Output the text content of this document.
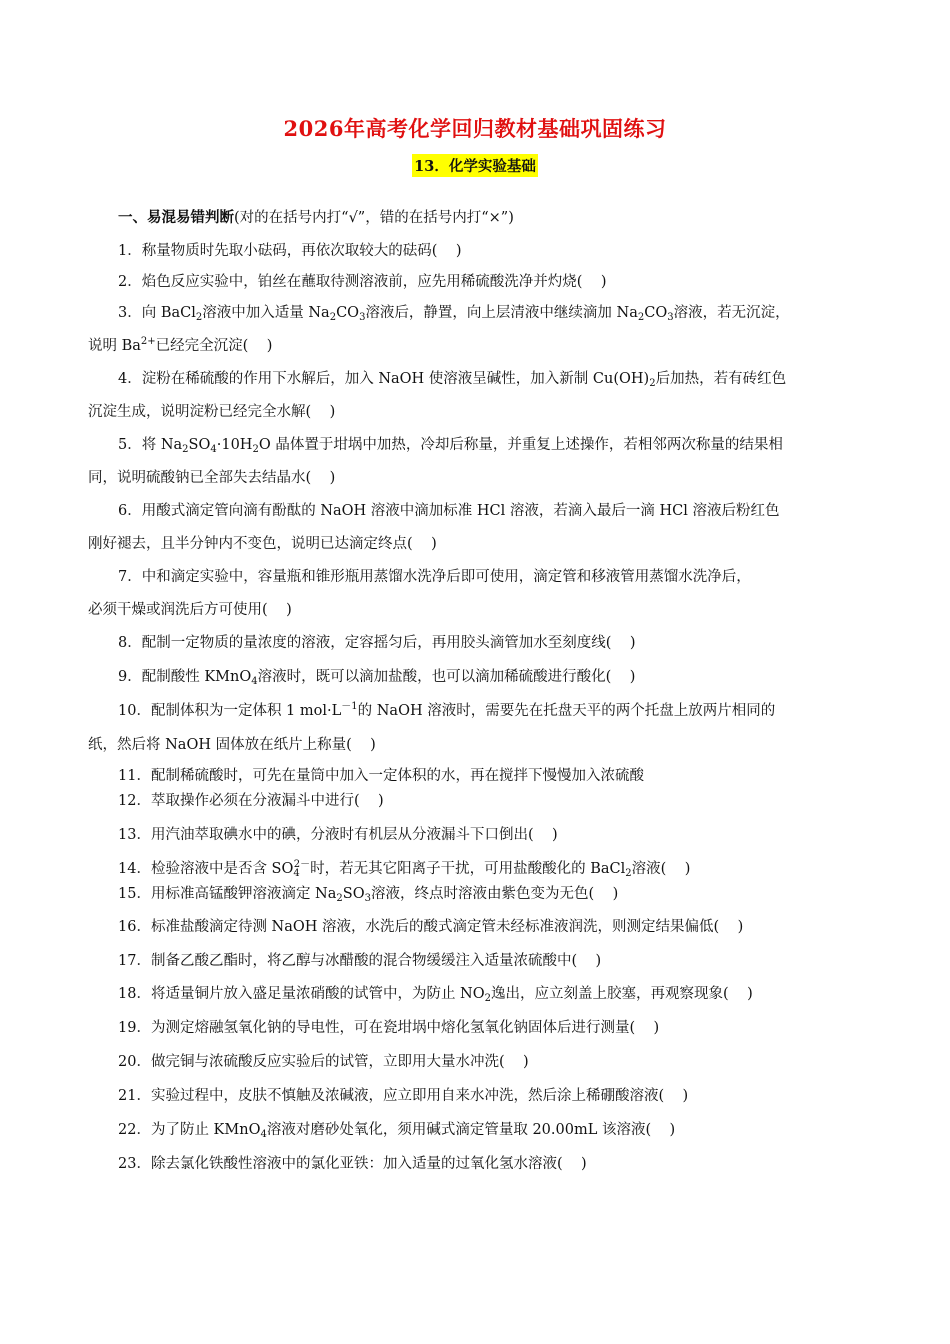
2026年高考化学回归教材基础巩固练习
13．化学实验基础
一、易混易错判断(对的在括号内打“√”，错的在括号内打“×”)
1．称量物质时先取小砝码，再依次取较大的砝码(    )
2．焰色反应实验中，铂丝在蘸取待测溶液前，应先用稀硫酸洗净并灼烧(    )
3．向 BaCl$_2$溶液中加入适量 $Na_2CO_3$溶液后，静置，向上层清液中继续滴加 $Na_2CO_3$溶液，若无沉淀，
说明 $Ba^{2+}$已经完全沉淀(    )
4．淀粉在稀硫酸的作用下水解后，加入 NaOH 使溶液呈碱性，加入新制 $Cu(OH)_2$后加热，若有砖红色
沉淀生成，说明淀粉已经完全水解(    )
5．将 $Na_2SO_4\cdot 10H_2O$ 晶体置于坩埚中加热，冷却后称量，并重复上述操作，若相邻两次称量的结果相
同，说明硫酸钠已全部失去结晶水(    )
6．用酸式滴定管向滴有酚酞的 NaOH 溶液中滴加标准 HCl 溶液，若滴入最后一滴 HCl 溶液后粉红色
刚好褪去，且半分钟内不变色，说明已达滴定终点(    )
7．中和滴定实验中，容量瓶和锥形瓶用蒸馏水洗净后即可使用，滴定管和移液管用蒸馏水洗净后，
必须干燥或润洗后方可使用(    )
8．配制一定物质的量浓度的溶液，定容摇匀后，再用胶头滴管加水至刻度线(    )
9．配制酸性 KMnO$_4$溶液时，既可以滴加盐酸，也可以滴加稀硫酸进行酸化(    )
10．配制体积为一定体积 1 $mol\cdot L^{-1}$的 NaOH 溶液时，需要先在托盘天平的两个托盘上放两片相同的
纸，然后将 NaOH 固体放在纸片上称量(    )
11．配制稀硫酸时，可先在量筒中加入一定体积的水，再在搅拌下慢慢加入浓硫酸
12．萃取操作必须在分液漏斗中进行(    )
13．用汽油萃取碘水中的碘，分液时有机层从分液漏斗下口倒出(    )
14．检验溶液中是否含 $SO_4^{2-}$时，若无其它阳离子干扰，可用盐酸酸化的 BaCl$_2$溶液(    )
15．用标准高锰酸钾溶液滴定 $Na_2SO_3$溶液，终点时溶液由紫色变为无色(    )
16．标准盐酸滴定待测 NaOH 溶液，水洗后的酸式滴定管未经标准液润洗，则测定结果偏低(    )
17．制备乙酸乙酯时，将乙醇与冰醋酸的混合物缓缓注入适量浓硫酸中(    )
18．将适量铜片放入盛足量浓硝酸的试管中，为防止 $NO_2$逸出，应立刻盖上胶塞，再观察现象(    )
19．为测定熔融氢氧化钠的导电性，可在瓷坩埚中熔化氢氧化钠固体后进行测量(    )
20．做完铜与浓硫酸反应实验后的试管，立即用大量水冲洗(    )
21．实验过程中，皮肤不慎触及浓碱液，应立即用自来水冲洗，然后涂上稀硼酸溶液(    )
22．为了防止 KMnO$_4$溶液对磨砂处氧化，须用碱式滴定管量取 20.00mL 该溶液(    )
23．除去氯化铁酸性溶液中的氯化亚铁：加入适量的过氧化氢水溶液(    )
